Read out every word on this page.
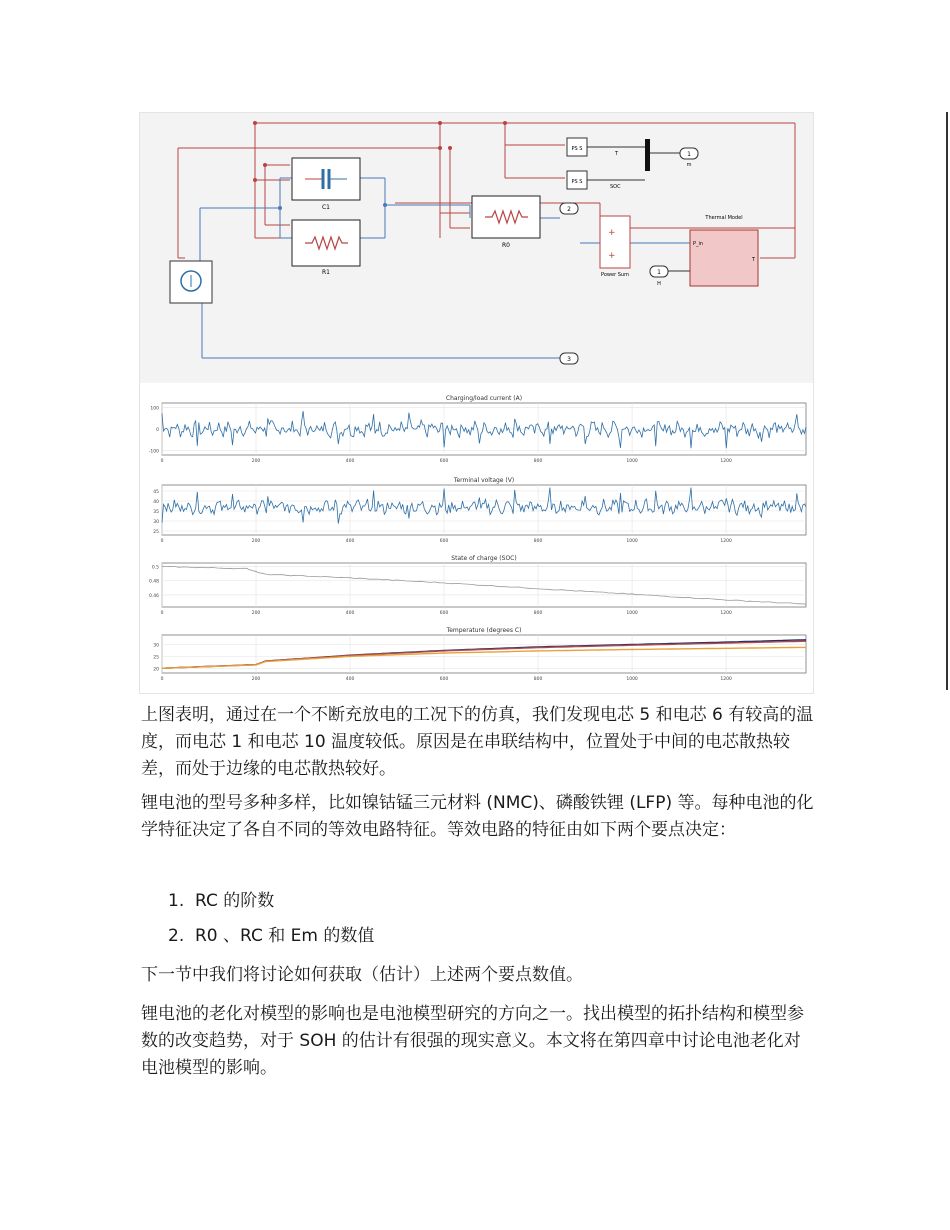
C1
R1
R0
PS S
PS S
T
SOC
1
m
2
+
+
Power Sum
Thermal Model
P_in
T
1
H
3
Charging/load current (A)
0	200	400	600	800	1000	1200
100
0
-100
Terminal voltage (V)
0	200	400	600	800	1000	1200
45
40
35
30
25
State of charge (SOC)
0	200	400	600	800	1000	1200
0.5
0.48
0.46
Temperature (degrees C)
0	200	400	600	800	1000	1200
30
25
20

上图表明，通过在一个不断充放电的工况下的仿真，我们发现电芯 5 和电芯 6 有较高的温度，而电芯 1 和电芯 10 温度较低。原因是在串联结构中，位置处于中间的电芯散热较差，而处于边缘的电芯散热较好。

锂电池的型号多种多样，比如镍钴锰三元材料 (NMC)、磷酸铁锂 (LFP) 等。每种电池的化学特征决定了各自不同的等效电路特征。等效电路的特征由如下两个要点决定：

1. RC 的阶数
2. R0 、RC 和 Em 的数值

下一节中我们将讨论如何获取（估计）上述两个要点数值。

锂电池的老化对模型的影响也是电池模型研究的方向之一。找出模型的拓扑结构和模型参数的改变趋势，对于 SOH 的估计有很强的现实意义。本文将在第四章中讨论电池老化对电池模型的影响。
